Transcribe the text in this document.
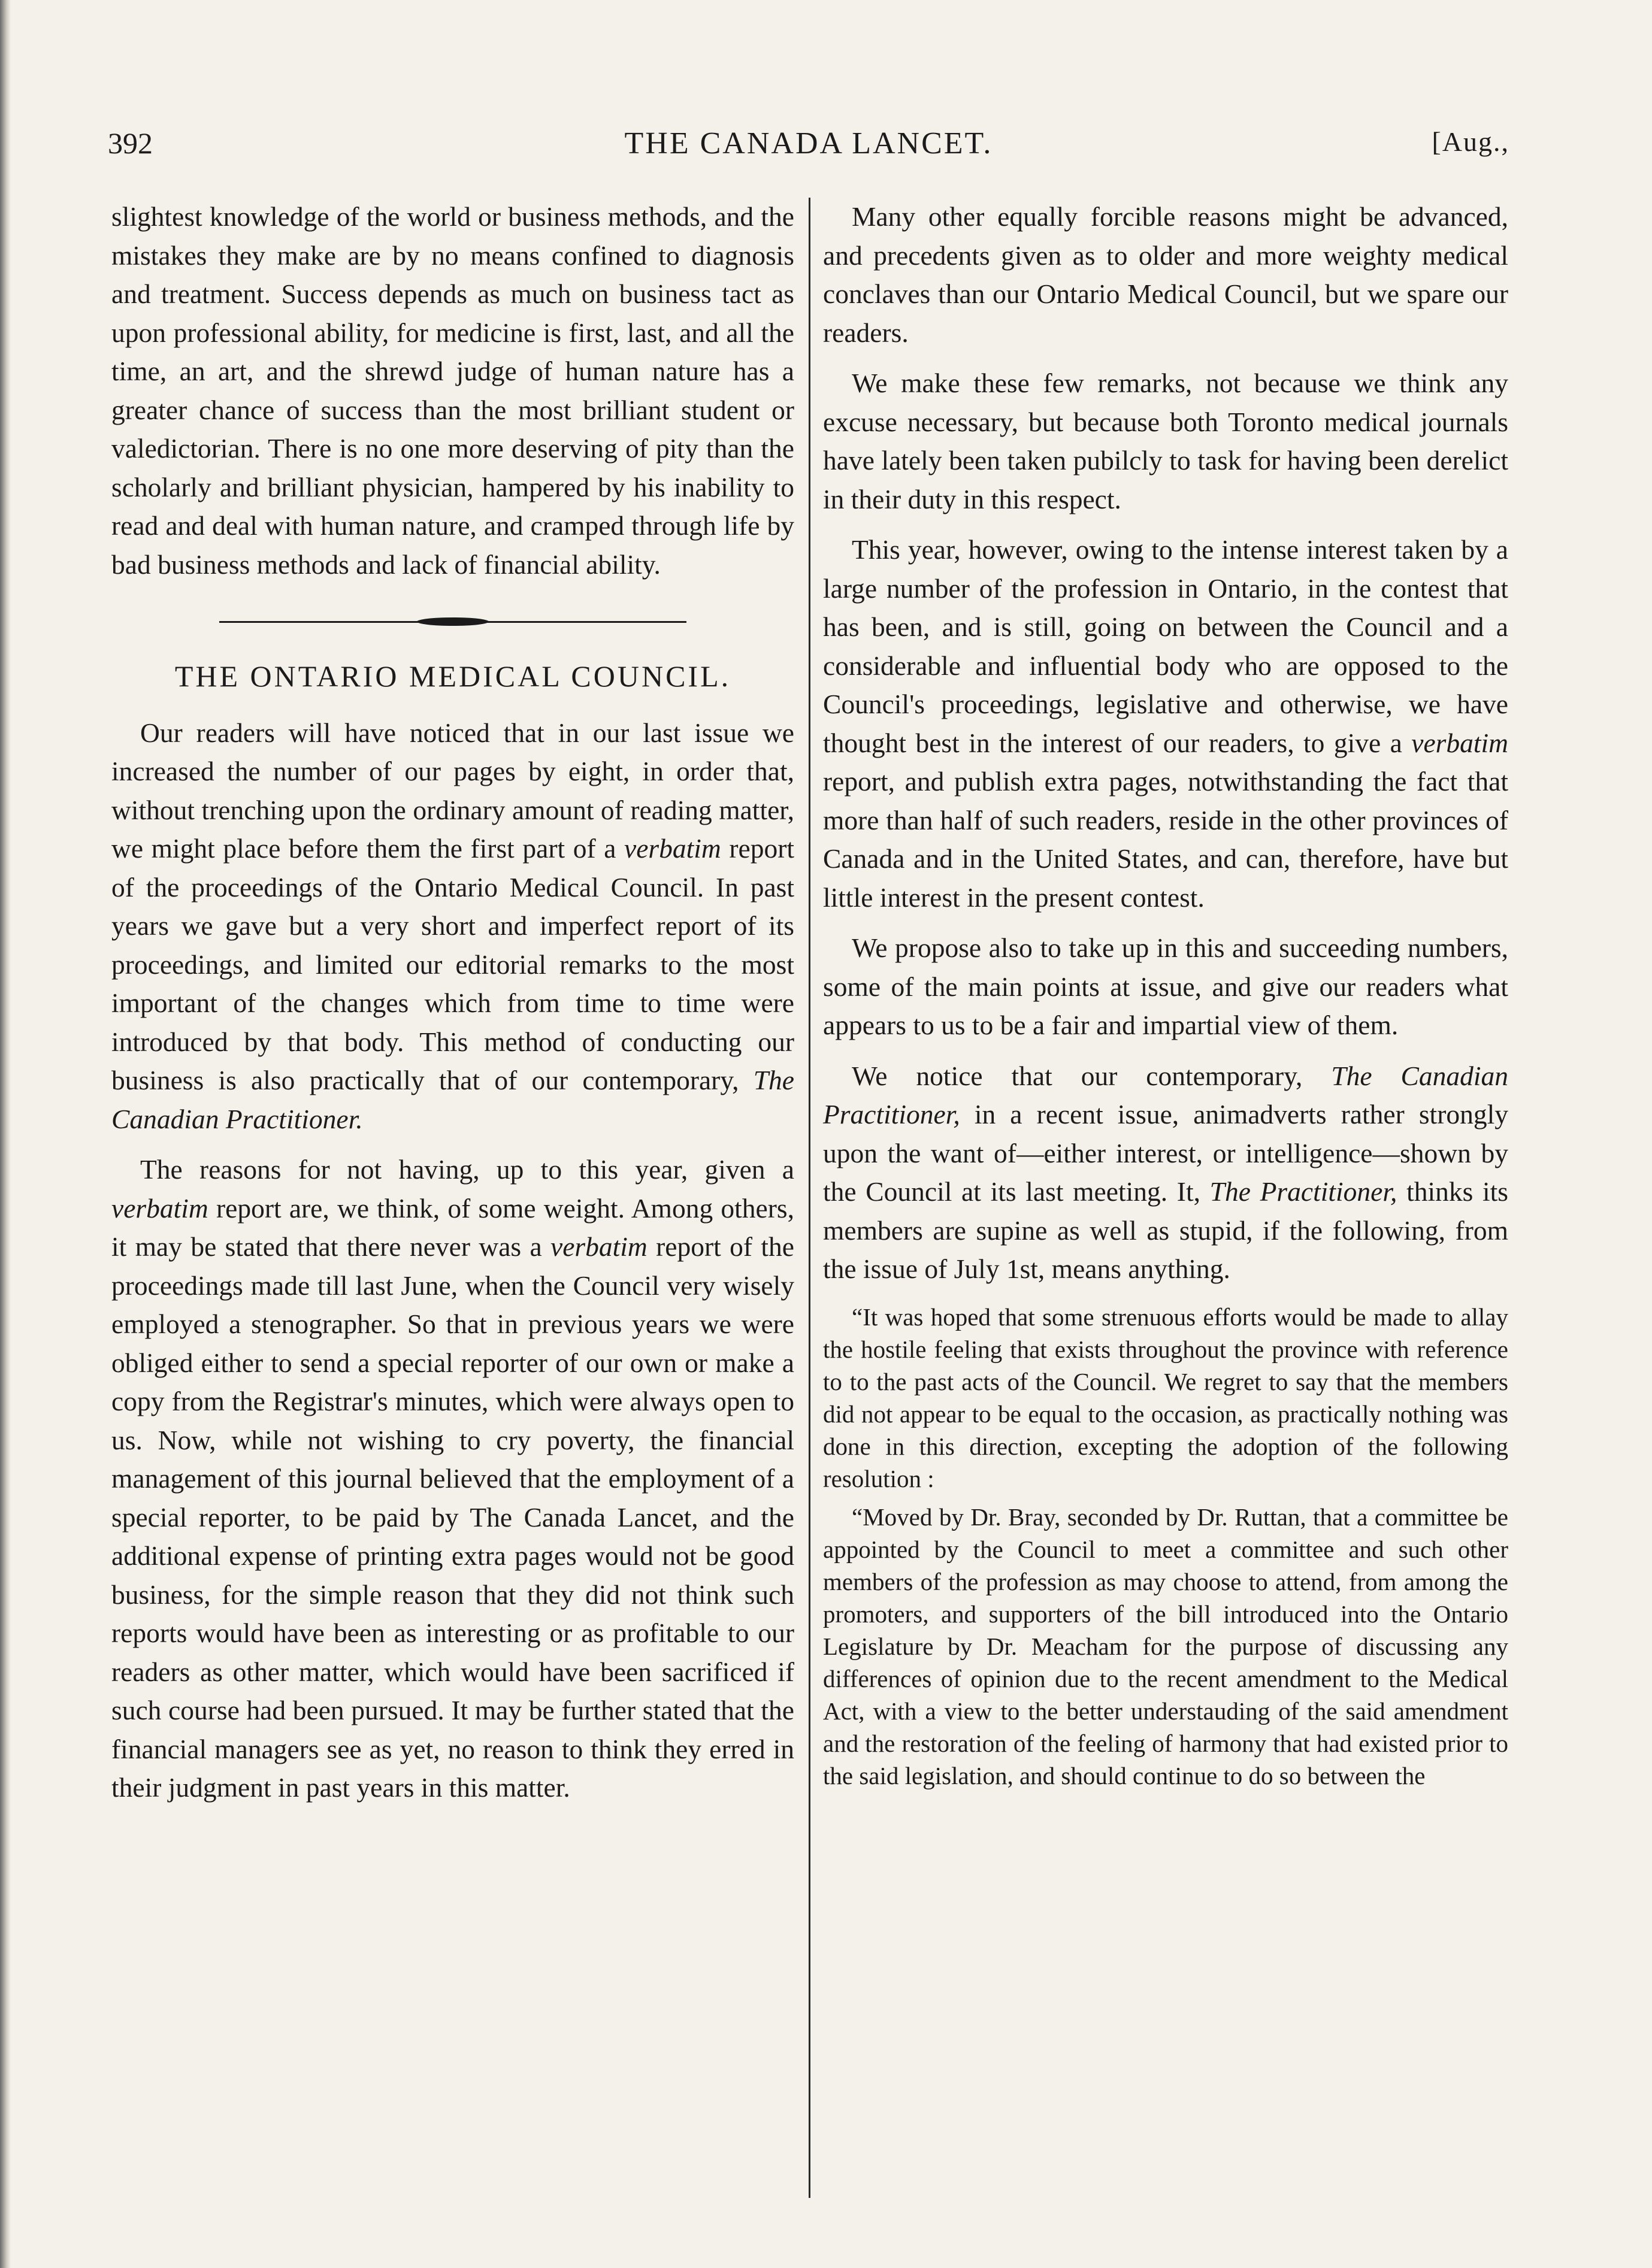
392	THE CANADA LANCET.	[Aug.,

slightest knowledge of the world or business methods, and the mistakes they make are by no means confined to diagnosis and treatment. Success depends as much on business tact as upon professional ability, for medicine is first, last, and all the time, an art, and the shrewd judge of human nature has a greater chance of success than the most brilliant student or valedictorian. There is no one more deserving of pity than the scholarly and brilliant physician, hampered by his inability to read and deal with human nature, and cramped through life by bad business methods and lack of financial ability.

THE ONTARIO MEDICAL COUNCIL.

Our readers will have noticed that in our last issue we increased the number of our pages by eight, in order that, without trenching upon the ordinary amount of reading matter, we might place before them the first part of a verbatim report of the proceedings of the Ontario Medical Council. In past years we gave but a very short and imperfect report of its proceedings, and limited our editorial remarks to the most important of the changes which from time to time were introduced by that body. This method of conducting our business is also practically that of our contemporary, The Canadian Practitioner.

The reasons for not having, up to this year, given a verbatim report are, we think, of some weight. Among others, it may be stated that there never was a verbatim report of the proceedings made till last June, when the Council very wisely employed a stenographer. So that in previous years we were obliged either to send a special reporter of our own or make a copy from the Registrar's minutes, which were always open to us. Now, while not wishing to cry poverty, the financial management of this journal believed that the employment of a special reporter, to be paid by The Canada Lancet, and the additional expense of printing extra pages would not be good business, for the simple reason that they did not think such reports would have been as interesting or as profitable to our readers as other matter, which would have been sacrificed if such course had been pursued. It may be further stated that the financial managers see as yet, no reason to think they erred in their judgment in past years in this matter.

Many other equally forcible reasons might be advanced, and precedents given as to older and more weighty medical conclaves than our Ontario Medical Council, but we spare our readers.

We make these few remarks, not because we think any excuse necessary, but because both Toronto medical journals have lately been taken pubilcly to task for having been derelict in their duty in this respect.

This year, however, owing to the intense interest taken by a large number of the profession in Ontario, in the contest that has been, and is still, going on between the Council and a considerable and influential body who are opposed to the Council's proceedings, legislative and otherwise, we have thought best in the interest of our readers, to give a verbatim report, and publish extra pages, notwithstanding the fact that more than half of such readers, reside in the other provinces of Canada and in the United States, and can, therefore, have but little interest in the present contest.

We propose also to take up in this and succeeding numbers, some of the main points at issue, and give our readers what appears to us to be a fair and impartial view of them.

We notice that our contemporary, The Canadian Practitioner, in a recent issue, animadverts rather strongly upon the want of—either interest, or intelligence—shown by the Council at its last meeting. It, The Practitioner, thinks its members are supine as well as stupid, if the following, from the issue of July 1st, means anything.

“It was hoped that some strenuous efforts would be made to allay the hostile feeling that exists throughout the province with reference to to the past acts of the Council. We regret to say that the members did not appear to be equal to the occasion, as practically nothing was done in this direction, excepting the adoption of the following resolution :

“Moved by Dr. Bray, seconded by Dr. Ruttan, that a committee be appointed by the Council to meet a committee and such other members of the profession as may choose to attend, from among the promoters, and supporters of the bill introduced into the Ontario Legislature by Dr. Meacham for the purpose of discussing any differences of opinion due to the recent amendment to the Medical Act, with a view to the better understauding of the said amendment and the restoration of the feeling of harmony that had existed prior to the said legislation, and should continue to do so between the
